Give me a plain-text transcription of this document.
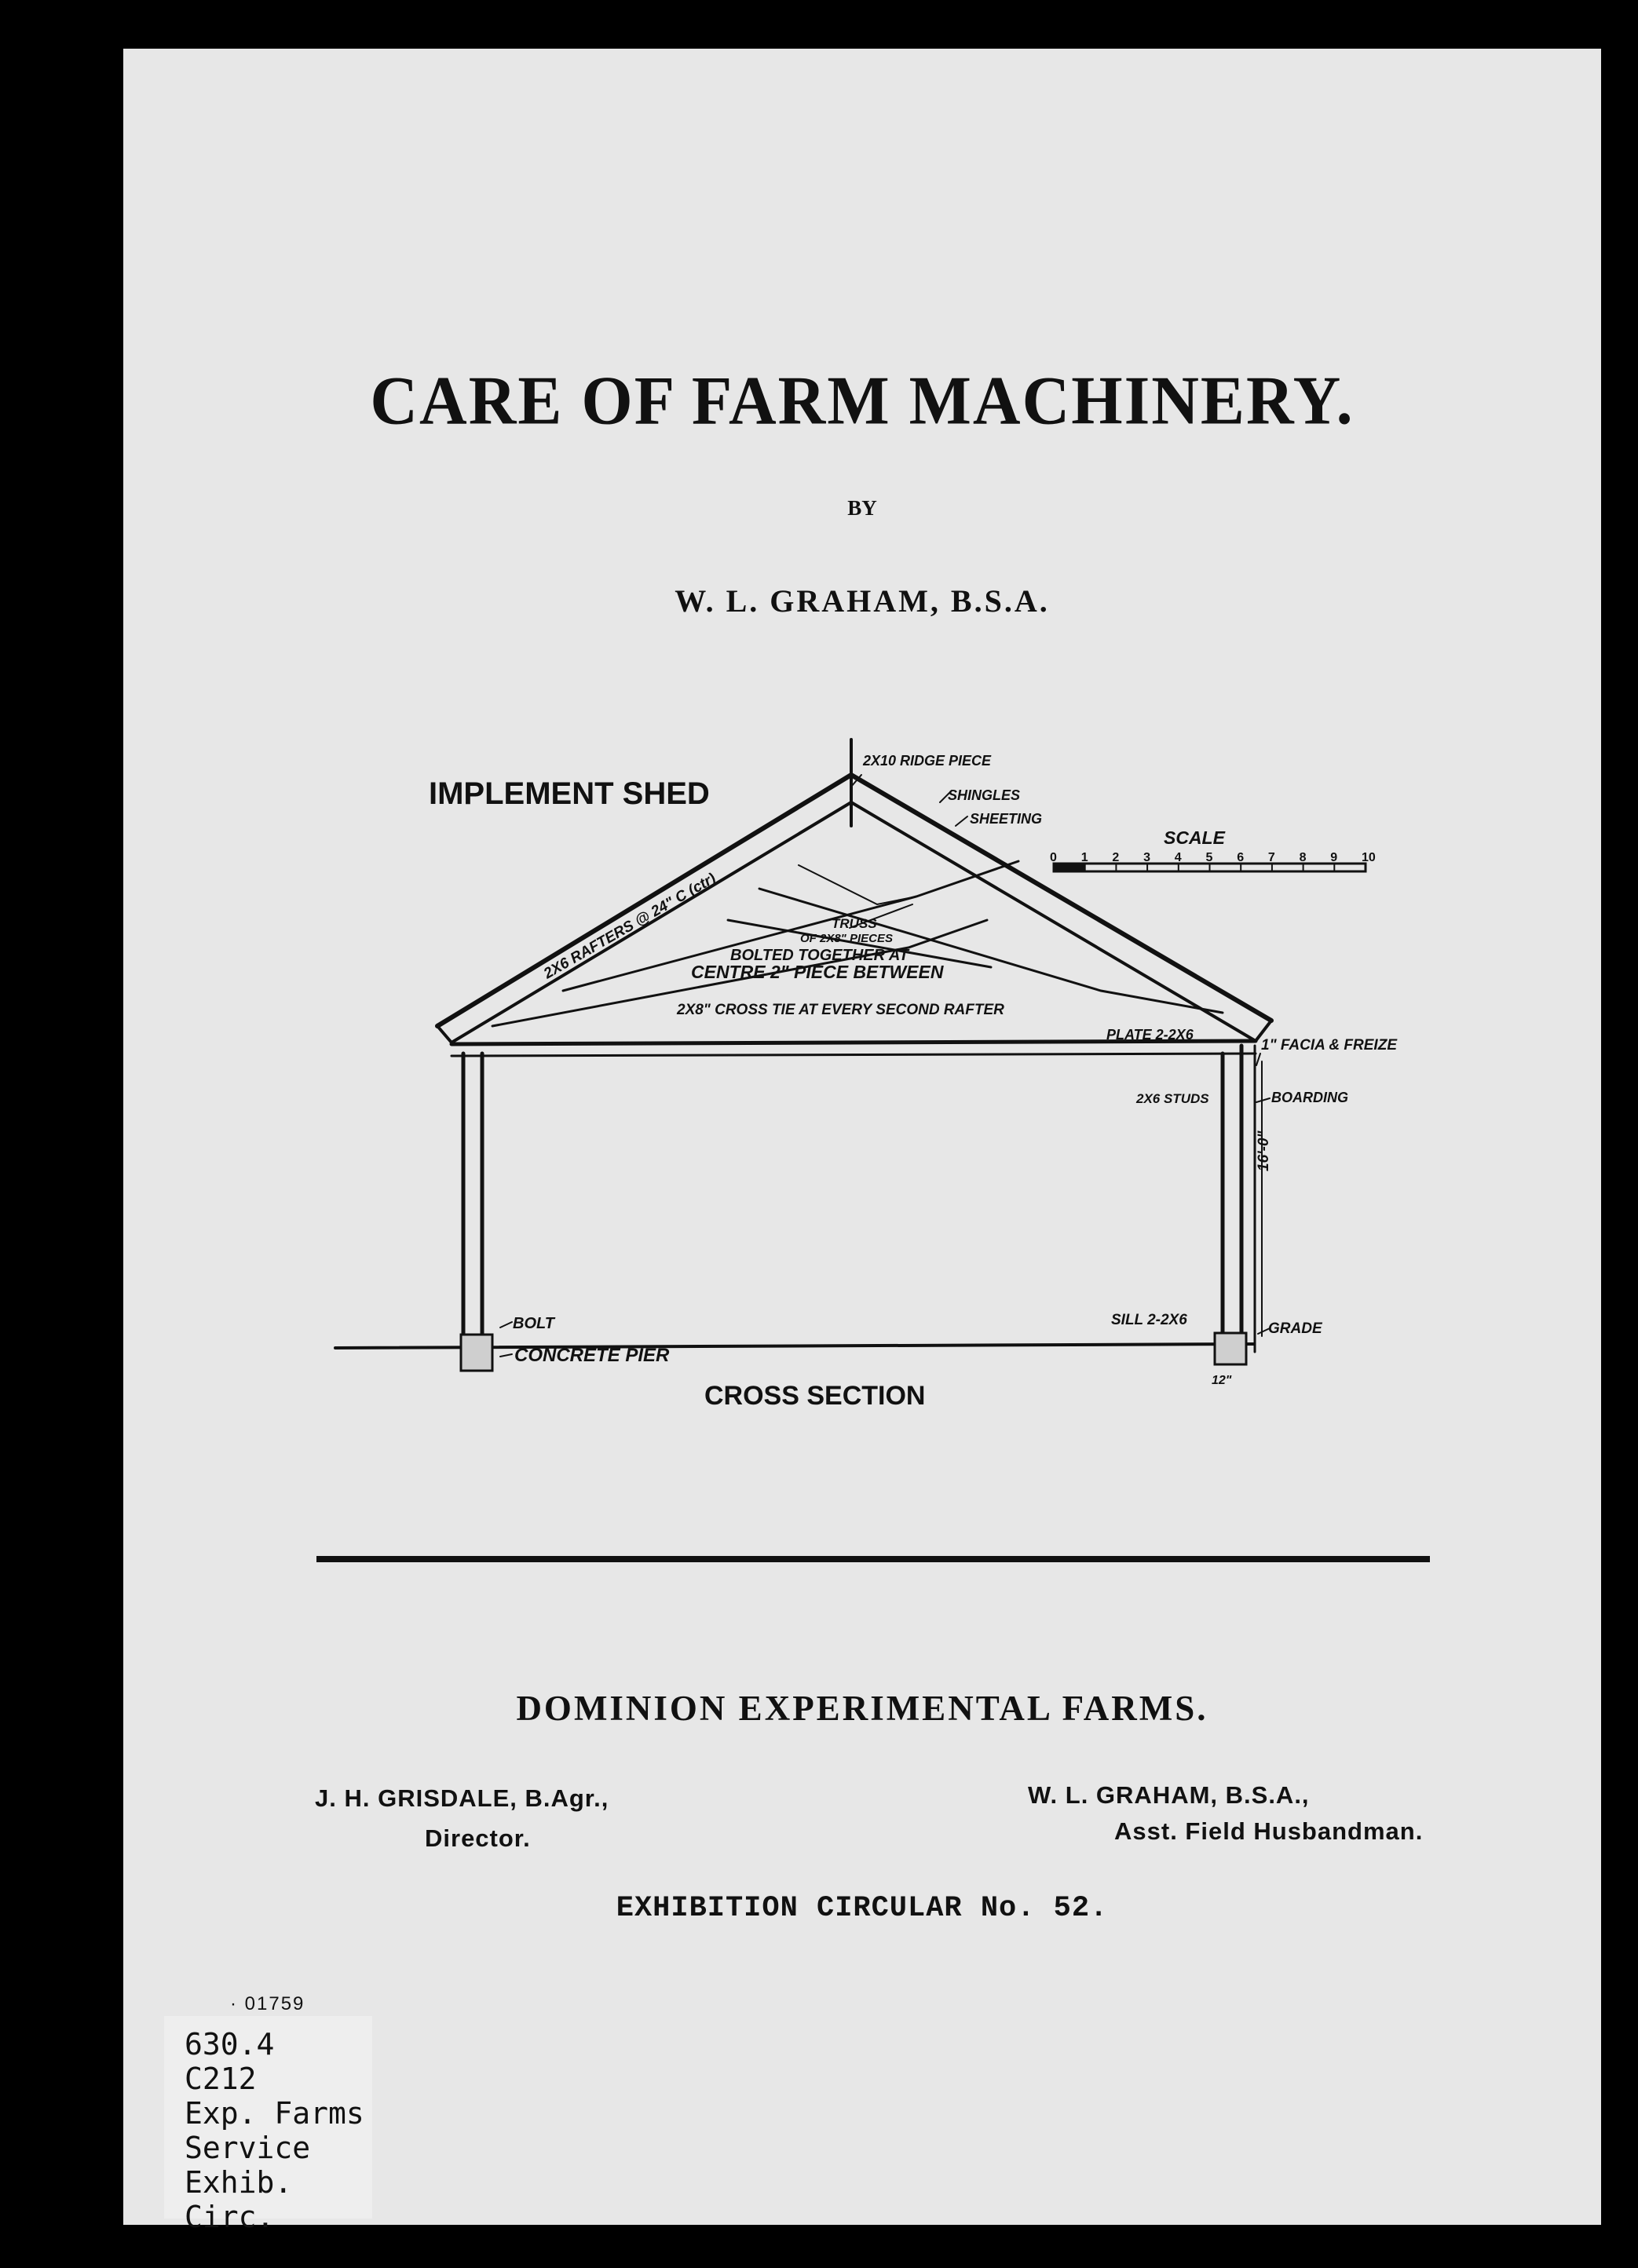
CARE OF FARM MACHINERY.
BY
W. L. GRAHAM, B.S.A.
IMPLEMENT SHED
2X10 RIDGE PIECE
SHINGLES
SHEETING
2X6 RAFTERS @ 24" C (ctr)	TRUSS
OF 2X8" PIECES
BOLTED TOGETHER AT
CENTRE 2" PIECE BETWEEN
2X8" CROSS TIE AT EVERY SECOND RAFTER
PLATE 2-2X6
1" FACIA & FREIZE
2X6 STUDS	BOARDING
16'-0"
SILL 2-2X6
GRADE
BOLT
CONCRETE PIER
12"
CROSS SECTION
SCALE
0 1 2 3 4 5 6 7 8 9 10
DOMINION EXPERIMENTAL FARMS.
J. H. GRISDALE, B.Agr.,
Director.
W. L. GRAHAM, B.S.A.,
Asst. Field Husbandman.
EXHIBITION CIRCULAR No. 52.
· 01759
630.4
C212
Exp. Farms
Service
Exhib. Circ.
